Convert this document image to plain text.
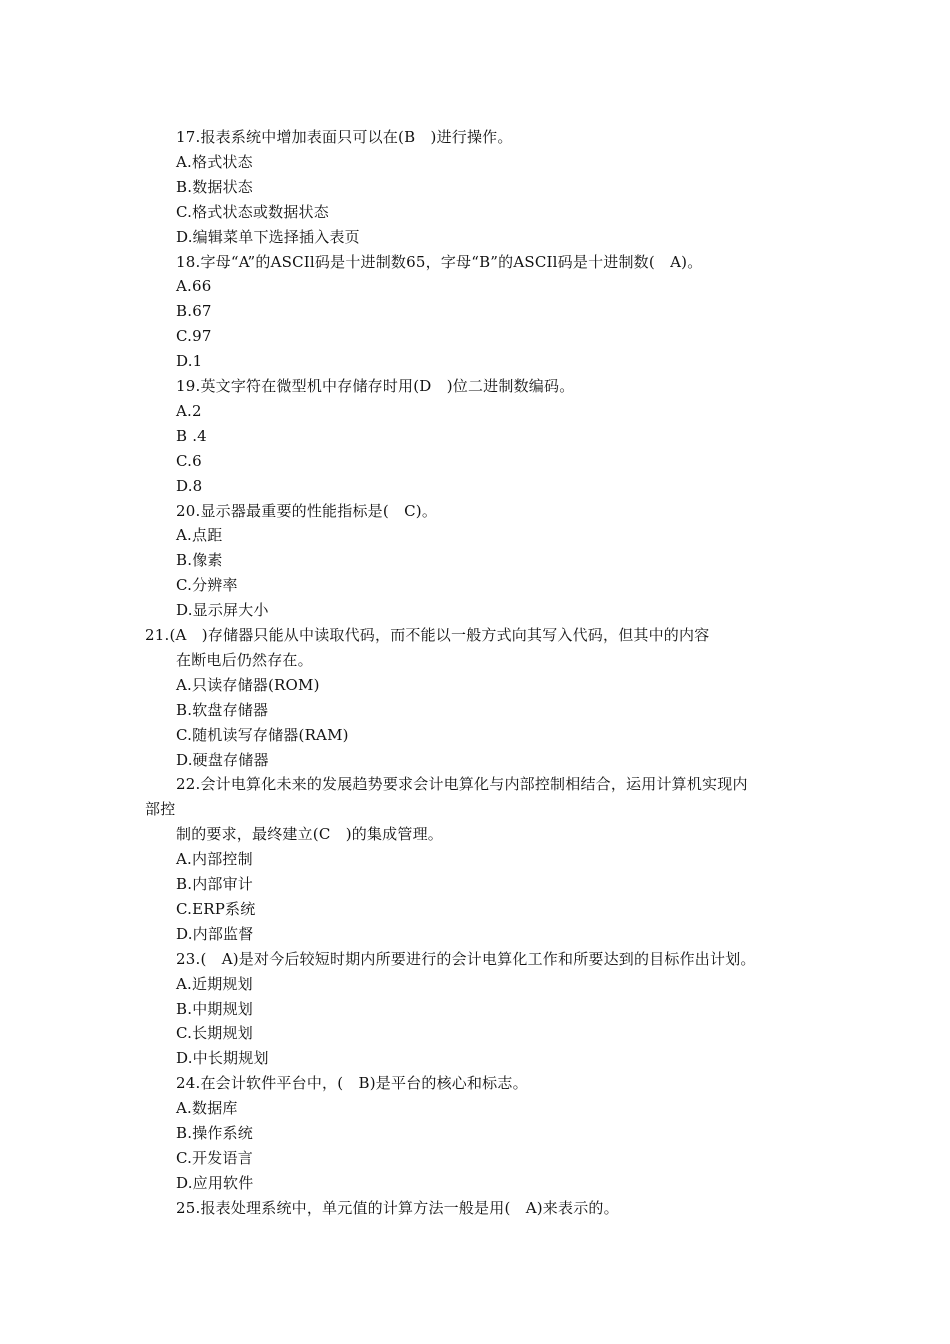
17.报表系统中增加表面只可以在(B　)进行操作。
A.格式状态
B.数据状态
C.格式状态或数据状态
D.编辑菜单下选择插入表页
18.字母“A”的ASCIl码是十进制数65，字母“B”的ASCIl码是十进制数(　A)。
A.66
B.67
C.97
D.1
19.英文字符在微型机中存储存时用(D　)位二进制数编码。
A.2
B .4
C.6
D.8
20.显示器最重要的性能指标是(　C)。
A.点距
B.像素
C.分辨率
D.显示屏大小
21.(A　)存储器只能从中读取代码，而不能以一般方式向其写入代码，但其中的内容
在断电后仍然存在。
A.只读存储器(ROM)
B.软盘存储器
C.随机读写存储器(RAM)
D.硬盘存储器
22.会计电算化未来的发展趋势要求会计电算化与内部控制相结合，运用计算机实现内
部控
制的要求，最终建立(C　)的集成管理。
A.内部控制
B.内部审计
C.ERP系统
D.内部监督
23.(　A)是对今后较短时期内所要进行的会计电算化工作和所要达到的目标作出计划。
A.近期规划
B.中期规划
C.长期规划
D.中长期规划
24.在会计软件平台中，(　B)是平台的核心和标志。
A.数据库
B.操作系统
C.开发语言
D.应用软件
25.报表处理系统中，单元值的计算方法一般是用(　A)来表示的。
